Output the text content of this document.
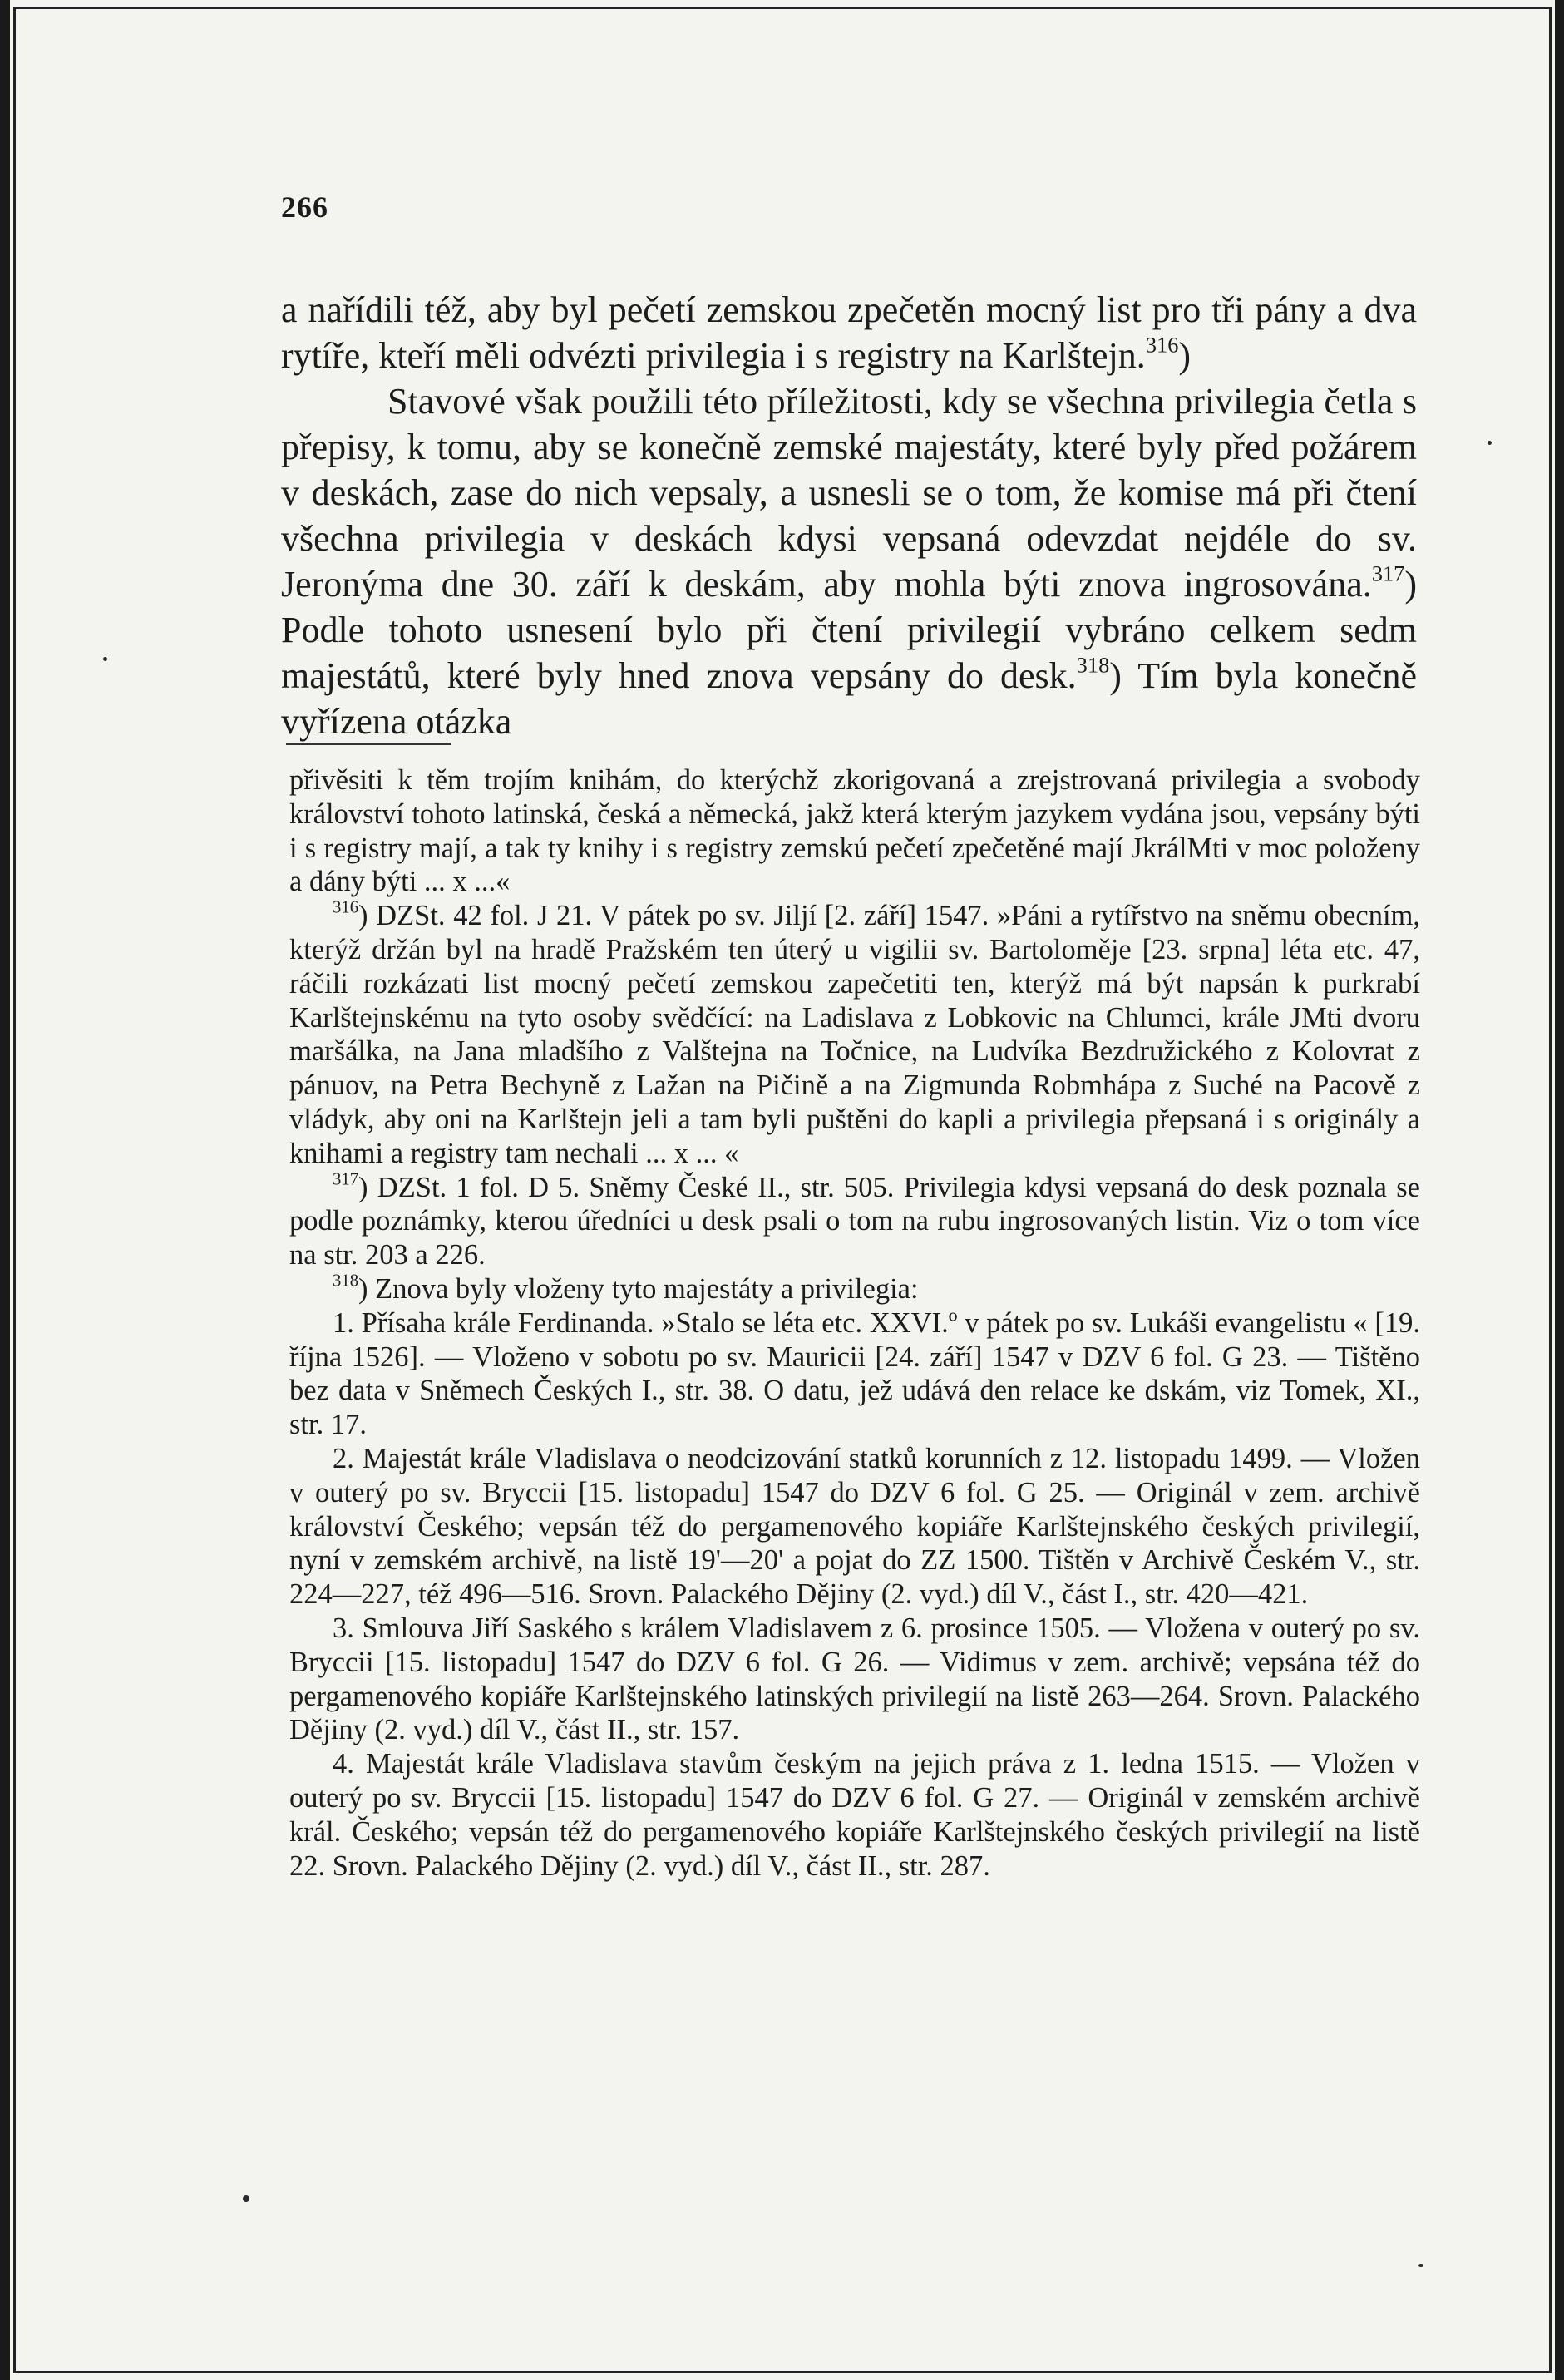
266

a nařídili též, aby byl pečetí zemskou zpečetěn mocný list pro tři pány a dva rytíře, kteří měli odvézti privilegia i s registry na Karlštejn.$^{316}$)

Stavové však použili této příležitosti, kdy se všechna privilegia četla s přepisy, k tomu, aby se konečně zemské majestáty, které byly před požárem v deskách, zase do nich vepsaly, a usnesli se o tom, že komise má při čtení všechna privilegia v deskách kdysi vepsaná odevzdat nejdéle do sv. Jeronýma dne 30. září k deskám, aby mohla býti znova ingrosována.$^{317}$) Podle tohoto usnesení bylo při čtení privilegií vybráno celkem sedm majestátů, které byly hned znova vepsány do desk.$^{318}$) Tím byla konečně vyřízena otázka

přivěsiti k těm trojím knihám, do kterýchž zkorigovaná a zrejstrovaná privilegia a svobody království tohoto latinská, česká a německá, jakž která kterým jazykem vydána jsou, vepsány býti i s registry mají, a tak ty knihy i s registry zemskú pečetí zpečetěné mají JkrálMti v moc položeny a dány býti ... x ...«

$^{316}$) DZSt. 42 fol. J 21. V pátek po sv. Jiljí [2. září] 1547. »Páni a rytířstvo na sněmu obecním, kterýž držán byl na hradě Pražském ten úterý u vigilii sv. Bartoloměje [23. srpna] léta etc. 47, ráčili rozkázati list mocný pečetí zemskou zapečetiti ten, kterýž má být napsán k purkrabí Karlštejnskému na tyto osoby svědčící: na Ladislava z Lobkovic na Chlumci, krále JMti dvoru maršálka, na Jana mladšího z Valštejna na Točnice, na Ludvíka Bezdružického z Kolovrat z pánuov, na Petra Bechyně z Lažan na Pičině a na Zigmunda Robmhápa z Suché na Pacově z vládyk, aby oni na Karlštejn jeli a tam byli puštěni do kapli a privilegia přepsaná i s originály a knihami a registry tam nechali ... x ... «

$^{317}$) DZSt. 1 fol. D 5. Sněmy České II., str. 505. Privilegia kdysi vepsaná do desk poznala se podle poznámky, kterou úředníci u desk psali o tom na rubu ingrosovaných listin. Viz o tom více na str. 203 a 226.

$^{318}$) Znova byly vloženy tyto majestáty a privilegia:

1. Přísaha krále Ferdinanda. »Stalo se léta etc. XXVI.º v pátek po sv. Lukáši evangelistu « [19. října 1526]. — Vloženo v sobotu po sv. Mauricii [24. září] 1547 v DZV 6 fol. G 23. — Tištěno bez data v Sněmech Českých I., str. 38. O datu, jež udává den relace ke dskám, viz Tomek, XI., str. 17.

2. Majestát krále Vladislava o neodcizování statků korunních z 12. listopadu 1499. — Vložen v outerý po sv. Bryccii [15. listopadu] 1547 do DZV 6 fol. G 25. — Originál v zem. archivě království Českého; vepsán též do pergamenového kopiáře Karlštejnského českých privilegií, nyní v zemském archivě, na listě 19'—20' a pojat do ZZ 1500. Tištěn v Archivě Českém V., str. 224—227, též 496—516. Srovn. Palackého Dějiny (2. vyd.) díl V., část I., str. 420—421.

3. Smlouva Jiří Saského s králem Vladislavem z 6. prosince 1505. — Vložena v outerý po sv. Bryccii [15. listopadu] 1547 do DZV 6 fol. G 26. — Vidimus v zem. archivě; vepsána též do pergamenového kopiáře Karlštejnského latinských privilegií na listě 263—264. Srovn. Palackého Dějiny (2. vyd.) díl V., část II., str. 157.

4. Majestát krále Vladislava stavům českým na jejich práva z 1. ledna 1515. — Vložen v outerý po sv. Bryccii [15. listopadu] 1547 do DZV 6 fol. G 27. — Originál v zemském archivě král. Českého; vepsán též do pergamenového kopiáře Karlštejnského českých privilegií na listě 22. Srovn. Palackého Dějiny (2. vyd.) díl V., část II., str. 287.
